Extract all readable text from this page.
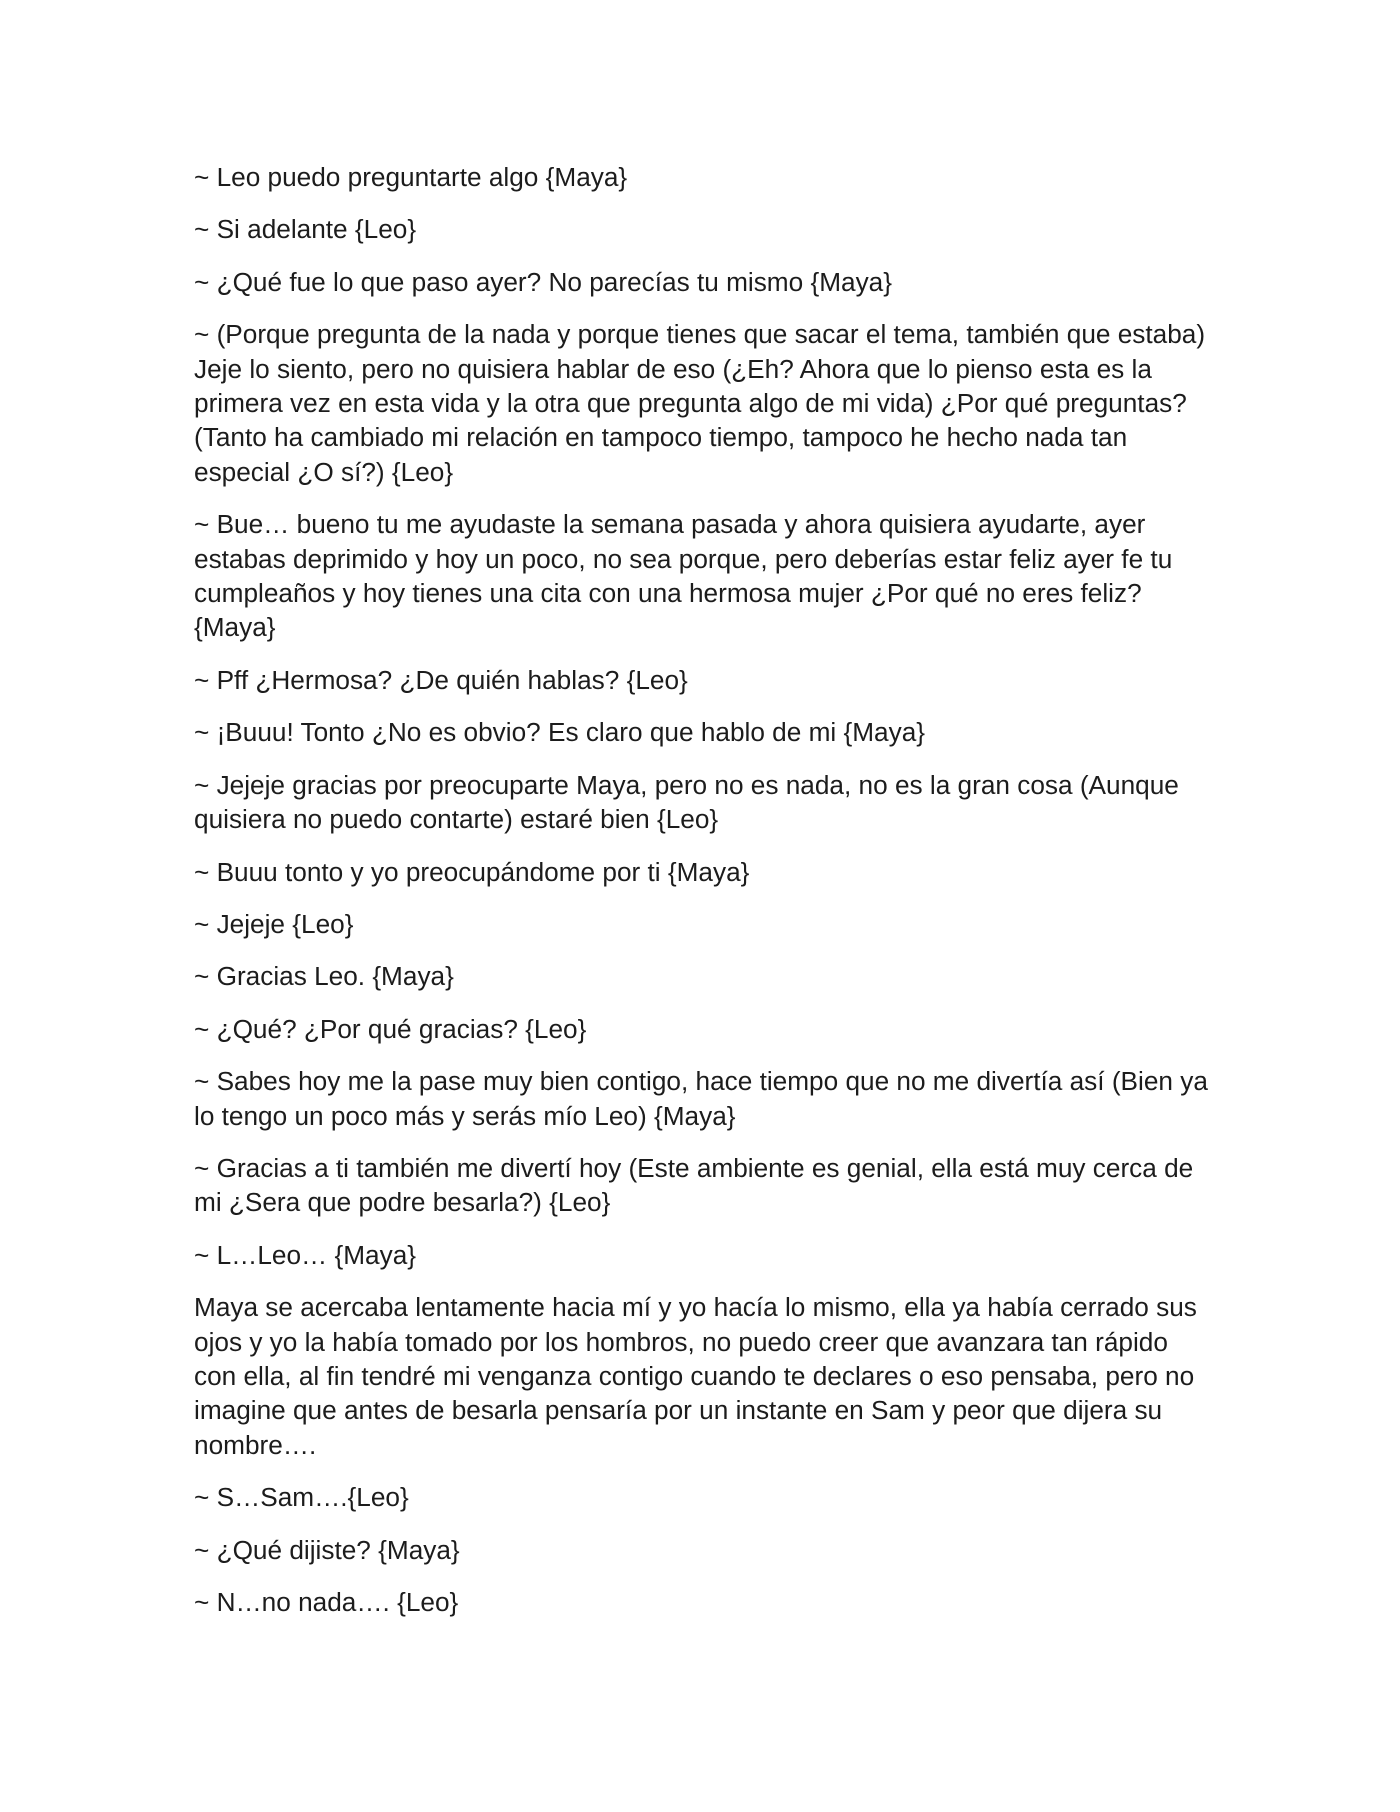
~ Leo puedo preguntarte algo {Maya}

~ Si adelante {Leo}

~ ¿Qué fue lo que paso ayer? No parecías tu mismo {Maya}

~ (Porque pregunta de la nada y porque tienes que sacar el tema, también que estaba) Jeje lo siento, pero no quisiera hablar de eso (¿Eh? Ahora que lo pienso esta es la primera vez en esta vida y la otra que pregunta algo de mi vida) ¿Por qué preguntas? (Tanto ha cambiado mi relación en tampoco tiempo, tampoco he hecho nada tan especial ¿O sí?) {Leo}

~ Bue… bueno tu me ayudaste la semana pasada y ahora quisiera ayudarte, ayer estabas deprimido y hoy un poco, no sea porque, pero deberías estar feliz ayer fe tu cumpleaños y hoy tienes una cita con una hermosa mujer ¿Por qué no eres feliz? {Maya}

~ Pff ¿Hermosa? ¿De quién hablas? {Leo}

~ ¡Buuu! Tonto ¿No es obvio? Es claro que hablo de mi {Maya}

~ Jejeje gracias por preocuparte Maya, pero no es nada, no es la gran cosa (Aunque quisiera no puedo contarte) estaré bien {Leo}

~ Buuu tonto y yo preocupándome por ti {Maya}

~ Jejeje {Leo}

~ Gracias Leo. {Maya}

~ ¿Qué? ¿Por qué gracias? {Leo}

~ Sabes hoy me la pase muy bien contigo, hace tiempo que no me divertía así (Bien ya lo tengo un poco más y serás mío Leo) {Maya}

~ Gracias a ti también me divertí hoy (Este ambiente es genial, ella está muy cerca de mi ¿Sera que podre besarla?) {Leo}

~ L…Leo… {Maya}

Maya se acercaba lentamente hacia mí y yo hacía lo mismo, ella ya había cerrado sus ojos y yo la había tomado por los hombros, no puedo creer que avanzara tan rápido con ella, al fin tendré mi venganza contigo cuando te declares o eso pensaba, pero no imagine que antes de besarla pensaría por un instante en Sam y peor que dijera su nombre….

~ S…Sam….{Leo}

~ ¿Qué dijiste? {Maya}

~ N…no nada…. {Leo}
